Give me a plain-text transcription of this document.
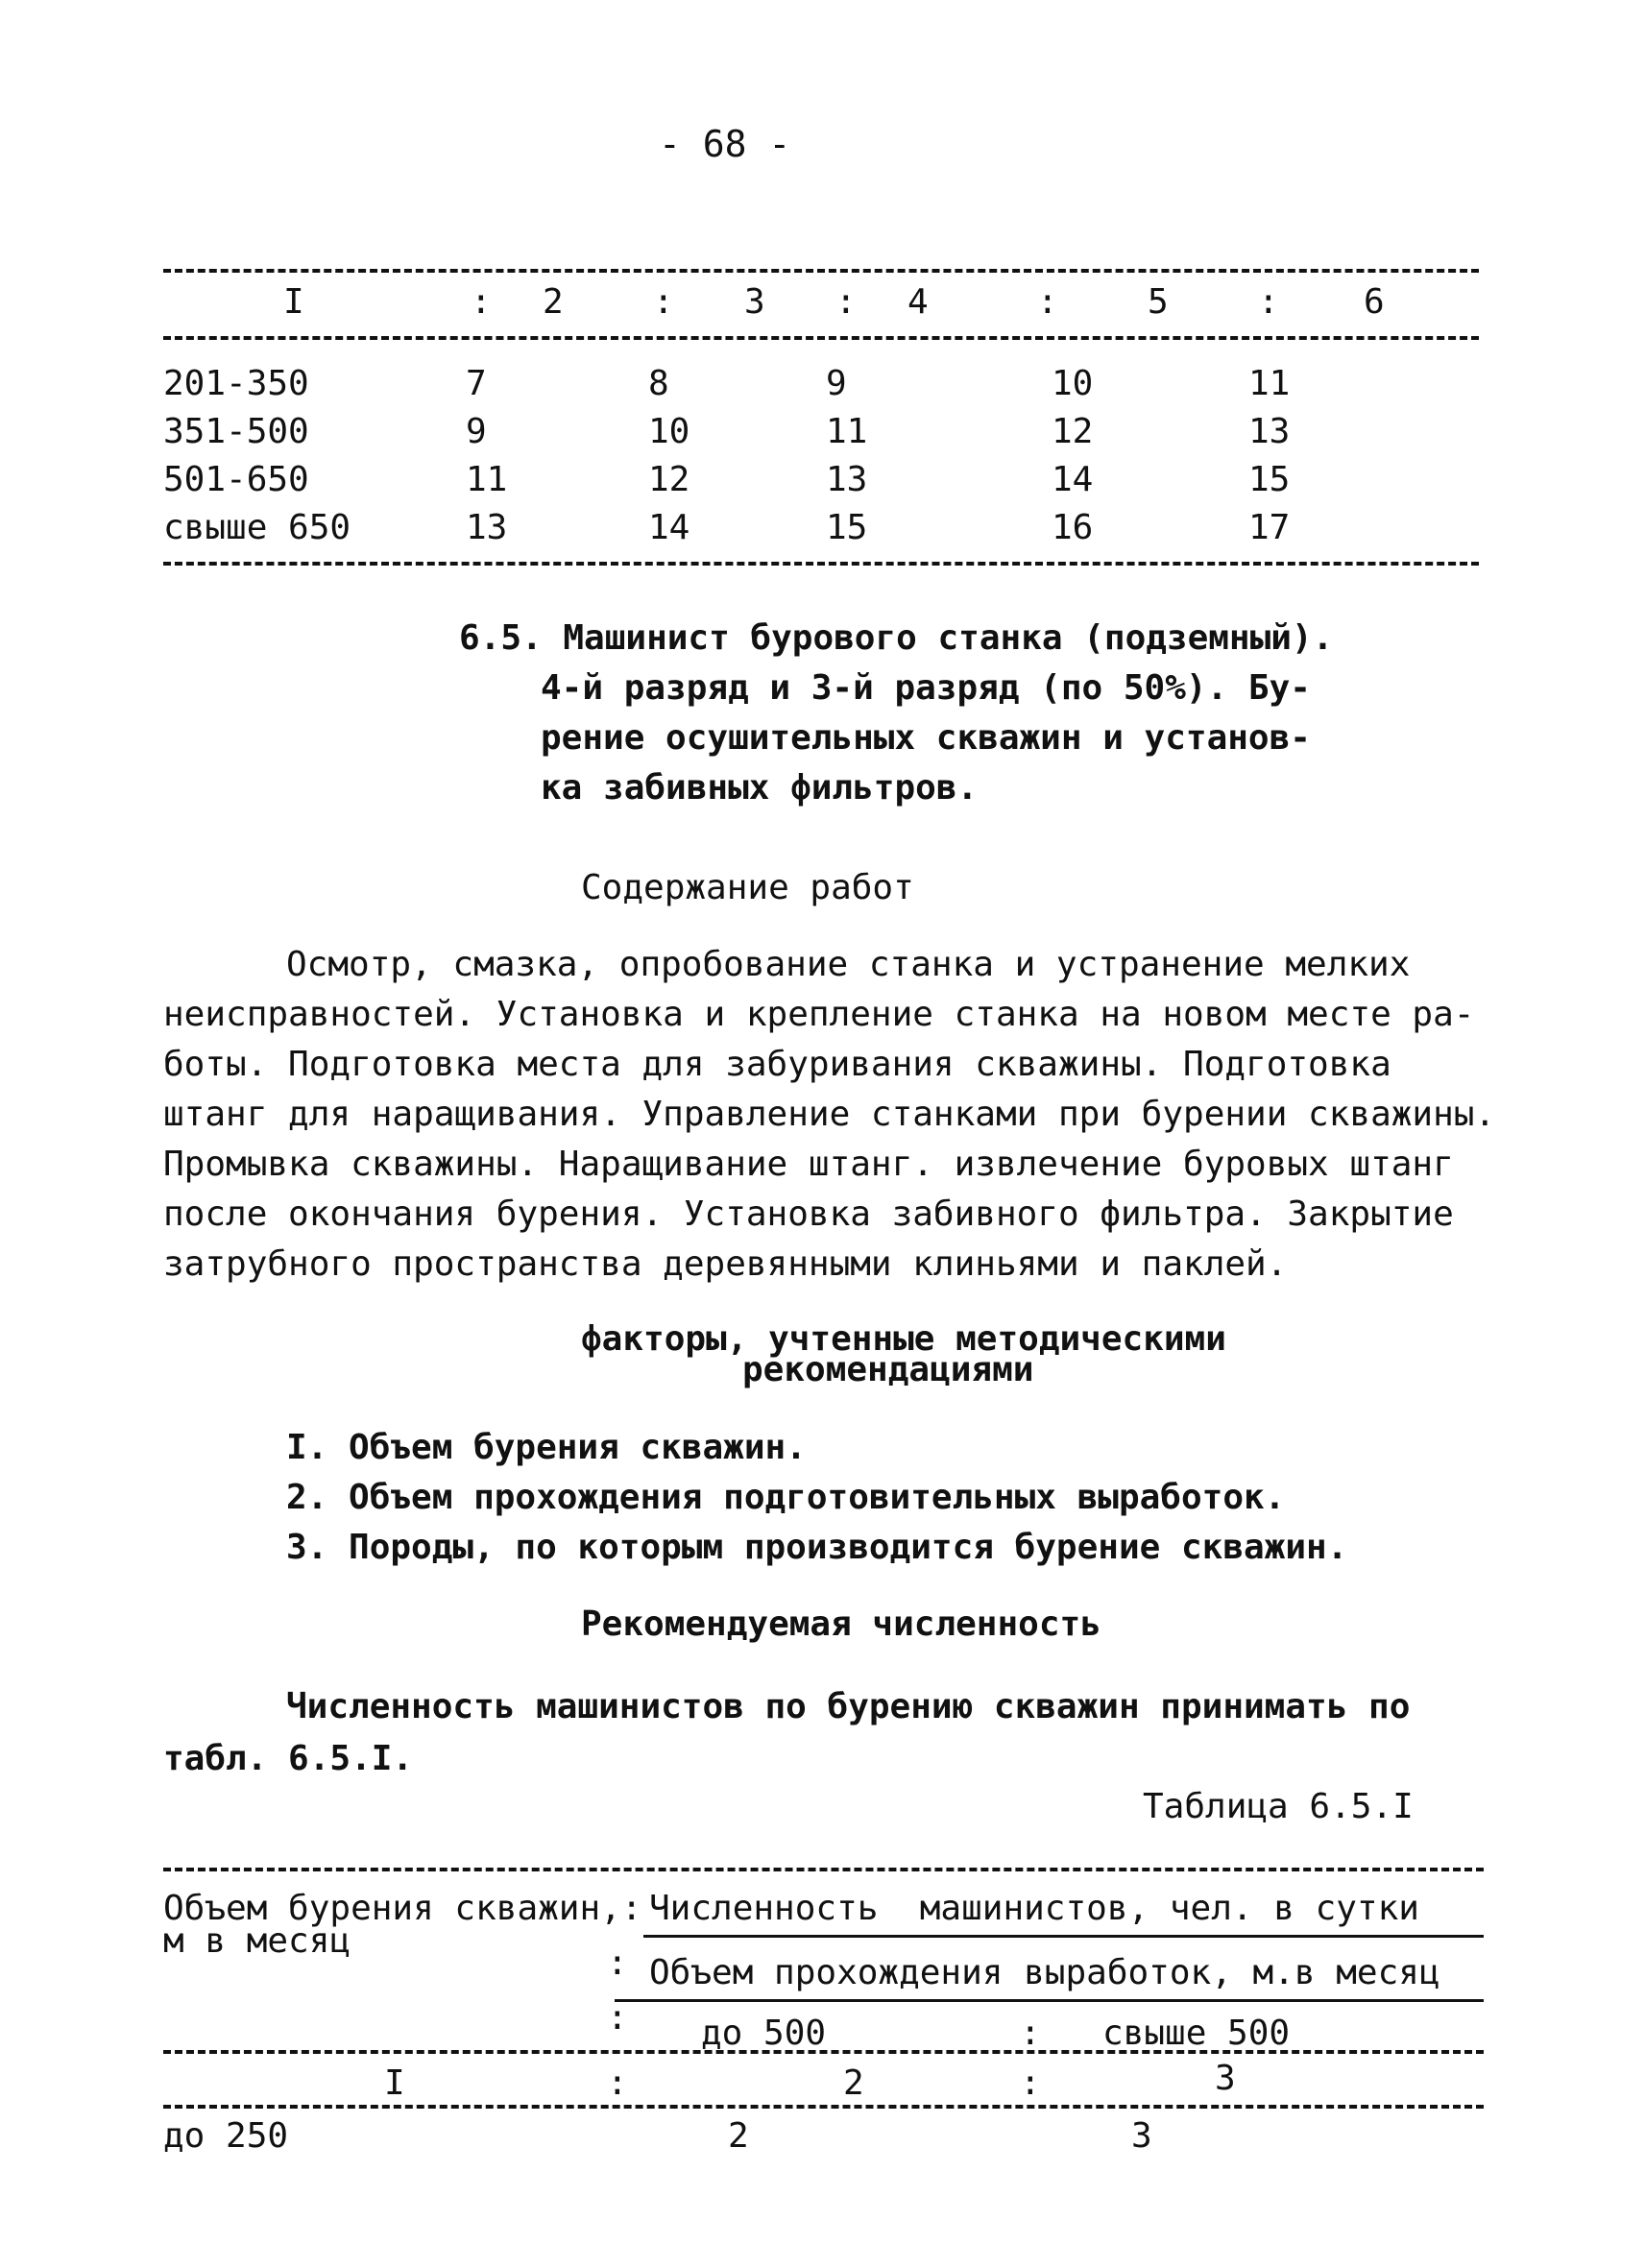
- 68 -
I	: 2	: 3 : 4	:	5	: 6
201-350	7	8	9	10	11
351-500	9	10	11	12	13
501-650	11	12	13	14	15
свыше 650	13	14	15	16	17
6.5. Машинист бурового станка (подземный).
4-й разряд и 3-й разряд (по 50%). Бу-
рение осушительных скважин и установ-
ка забивных фильтров.
Содержание работ
Осмотр, смазка, опробование станка и устранение мелких
неисправностей. Установка и крепление станка на новом месте ра-
боты. Подготовка места для забуривания скважины. Подготовка
штанг для наращивания. Управление станками при бурении скважины.
Промывка скважины. Наращивание штанг. извлечение буровых штанг
после окончания бурения. Установка забивного фильтра. Закрытие
затрубного пространства деревянными клиньями и паклей.
факторы, учтенные методическими
рекомендациями
I. Объем бурения скважин.
2. Объем прохождения подготовительных выработок.
3. Породы, по которым производится бурение скважин.
Рекомендуемая численность
Численность машинистов по бурению скважин принимать по
табл. 6.5.I.
Таблица 6.5.I
Объем бурения скважин,:
м в месяц
Численность  машинистов, чел. в сутки
: Объем прохождения выработок, м.в месяц
: до 500	: свыше 500
I	:	2	:	3
до 250	2	3
